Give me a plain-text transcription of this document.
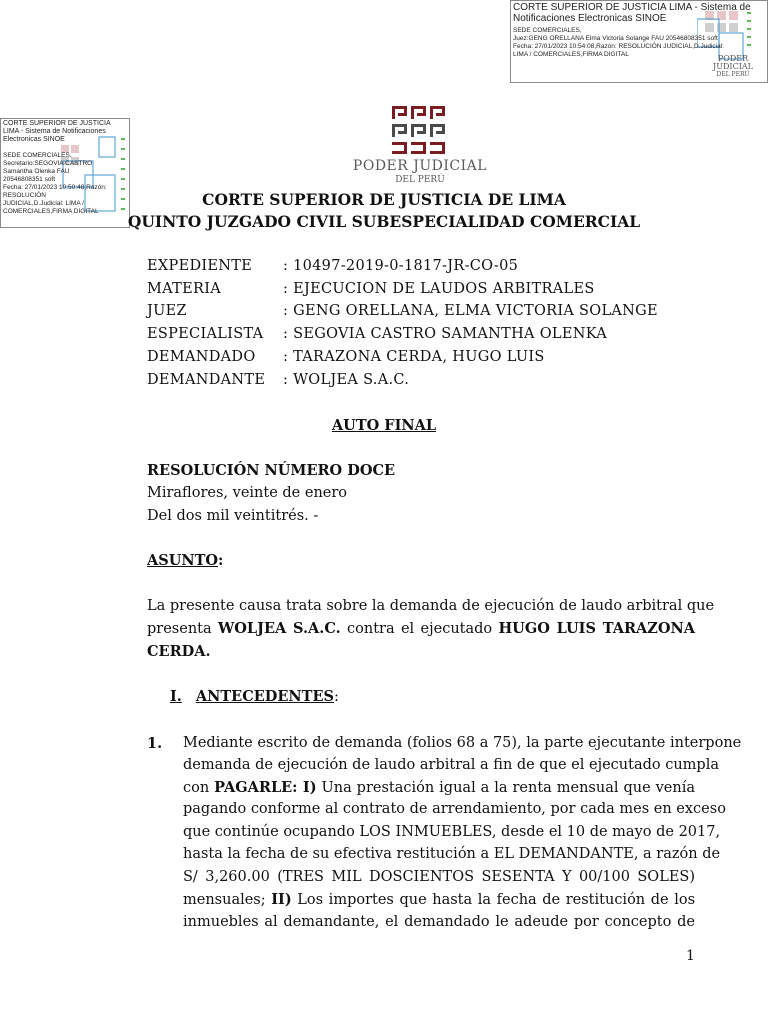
CORTE SUPERIOR DE JUSTICIA LIMA - Sistema de Notificaciones Electronicas SINOE
SEDE COMERCIALES,
Juez:GENG ORELLANA Elma Victoria Solange FAU 20546808351 soft
Fecha: 27/01/2023 10:54:08,Razón: RESOLUCIÓN JUDICIAL,D.Judicial:
LIMA / COMERCIALES,FIRMA DIGITAL	PODER JUDICIAL
DEL PERÚ
CORTE SUPERIOR DE JUSTICIA LIMA - Sistema de Notificaciones Electronicas SINOE
SEDE COMERCIALES,
Secretario:SEGOVIA CASTRO
Samantha Olenka FAU
20546808351 soft
Fecha: 27/01/2023 10:50:48,Razón:
RESOLUCIÓN
JUDICIAL,D.Judicial: LIMA /
COMERCIALES,FIRMA DIGITAL
PODER JUDICIAL
DEL PERÚ
CORTE SUPERIOR DE JUSTICIA DE LIMA
QUINTO JUZGADO CIVIL SUBESPECIALIDAD COMERCIAL
EXPEDIENTE : 10497-2019-0-1817-JR-CO-05
MATERIA	: EJECUCION DE LAUDOS ARBITRALES
JUEZ	: GENG ORELLANA, ELMA VICTORIA SOLANGE
ESPECIALISTA : SEGOVIA CASTRO SAMANTHA OLENKA
DEMANDADO : TARAZONA CERDA, HUGO LUIS
DEMANDANTE : WOLJEA S.A.C.
AUTO FINAL
RESOLUCIÓN NÚMERO DOCE
Miraflores, veinte de enero
Del dos mil veintitrés. -
ASUNTO:
La presente causa trata sobre la demanda de ejecución de laudo arbitral que
presenta WOLJEA S.A.C. contra el ejecutado HUGO LUIS TARAZONA
CERDA.
I. ANTECEDENTES:
1. Mediante escrito de demanda (folios 68 a 75), la parte ejecutante interpone
demanda de ejecución de laudo arbitral a fin de que el ejecutado cumpla
con PAGARLE: I) Una prestación igual a la renta mensual que venía
pagando conforme al contrato de arrendamiento, por cada mes en exceso
que continúe ocupando LOS INMUEBLES, desde el 10 de mayo de 2017,
hasta la fecha de su efectiva restitución a EL DEMANDANTE, a razón de
S/ 3,260.00 (TRES MIL DOSCIENTOS SESENTA Y 00/100 SOLES)
mensuales; II) Los importes que hasta la fecha de restitución de los
inmuebles al demandante, el demandado le adeude por concepto de
1
